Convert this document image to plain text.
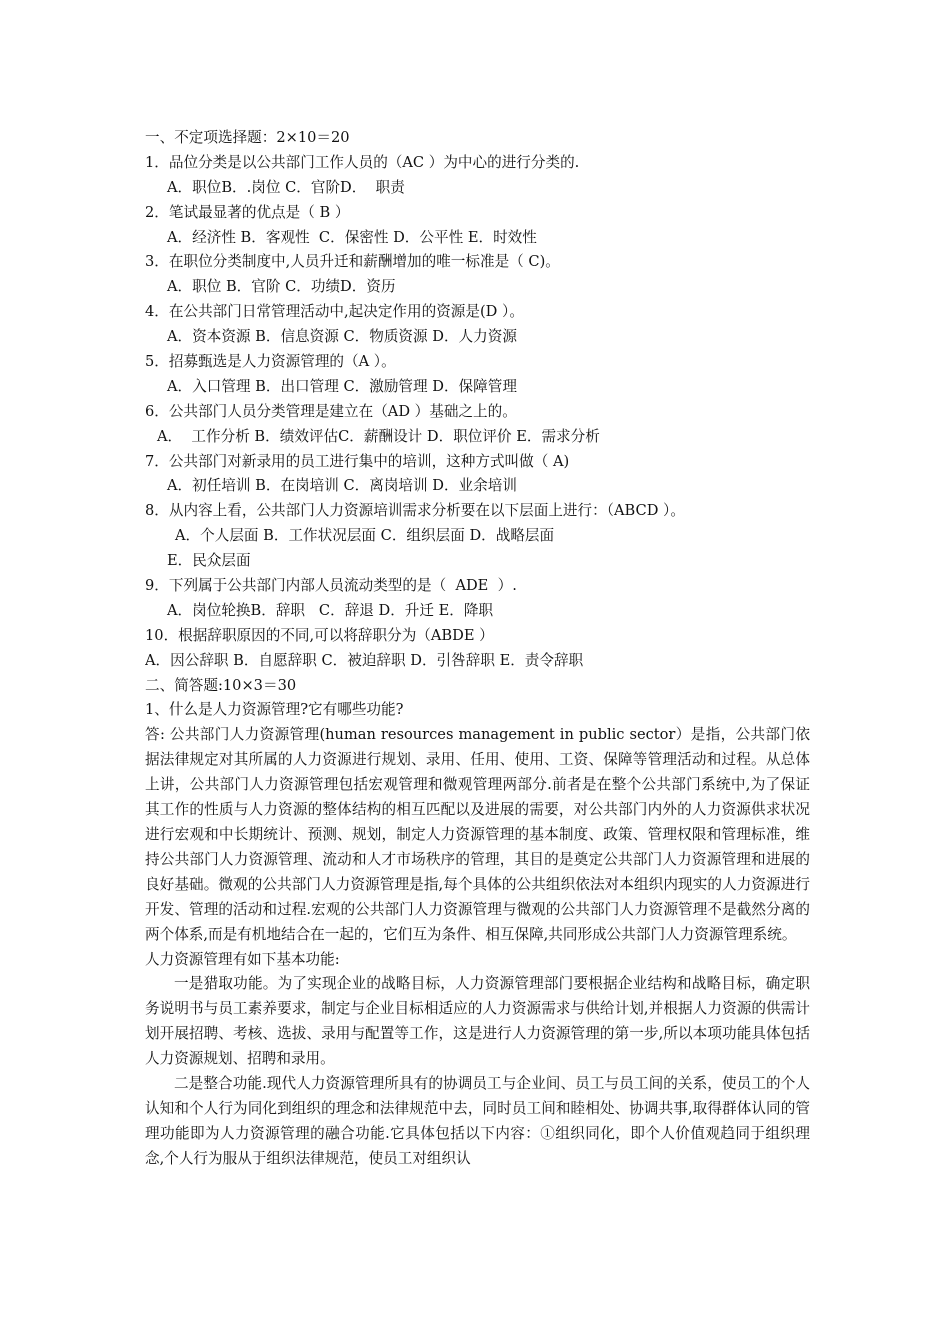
一、不定项选择题：2×10＝20
1．品位分类是以公共部门工作人员的（AC ）为中心的进行分类的.
A．职位B．.岗位 C．官阶D．  职责
2．笔试最显著的优点是（ B ）
A．经济性 B．客观性  C．保密性 D．公平性 E．时效性
3．在职位分类制度中,人员升迁和薪酬增加的唯一标准是（ C)。
A．职位 B．官阶 C．功绩D．资历
4．在公共部门日常管理活动中,起决定作用的资源是(D ）。
A．资本资源 B．信息资源 C．物质资源 D．人力资源
5．招募甄选是人力资源管理的（A ）。
A．入口管理 B．出口管理 C．激励管理 D．保障管理
6．公共部门人员分类管理是建立在（AD ）基础之上的。
A．  工作分析 B．绩效评估C．薪酬设计 D．职位评价 E．需求分析
7．公共部门对新录用的员工进行集中的培训，这种方式叫做（ A)
A．初任培训 B．在岗培训 C．离岗培训 D．业余培训
8．从内容上看，公共部门人力资源培训需求分析要在以下层面上进行：（ABCD ）。
A．个人层面 B．工作状况层面 C．组织层面 D．战略层面
E．民众层面
9．下列属于公共部门内部人员流动类型的是（  ADE  ）.
A．岗位轮换B．辞职   C．辞退 D．升迁 E．降职
10．根据辞职原因的不同,可以将辞职分为（ABDE ）
A．因公辞职 B．自愿辞职 C．被迫辞职 D．引咎辞职 E．责令辞职
二、简答题:10×3＝30
1、什么是人力资源管理?它有哪些功能?

答: 公共部门人力资源管理(human resources management in public sector）是指，公共部门依据法律规定对其所属的人力资源进行规划、录用、任用、使用、工资、保障等管理活动和过程。从总体上讲，公共部门人力资源管理包括宏观管理和微观管理两部分.前者是在整个公共部门系统中,为了保证其工作的性质与人力资源的整体结构的相互匹配以及进展的需要，对公共部门内外的人力资源供求状况进行宏观和中长期统计、预测、规划，制定人力资源管理的基本制度、政策、管理权限和管理标准，维持公共部门人力资源管理、流动和人才市场秩序的管理，其目的是奠定公共部门人力资源管理和进展的良好基础。微观的公共部门人力资源管理是指,每个具体的公共组织依法对本组织内现实的人力资源进行开发、管理的活动和过程.宏观的公共部门人力资源管理与微观的公共部门人力资源管理不是截然分离的两个体系,而是有机地结合在一起的，它们互为条件、相互保障,共同形成公共部门人力资源管理系统。

人力资源管理有如下基本功能:

一是猎取功能。为了实现企业的战略目标，人力资源管理部门要根据企业结构和战略目标，确定职务说明书与员工素养要求，制定与企业目标相适应的人力资源需求与供给计划,并根据人力资源的供需计划开展招聘、考核、选拔、录用与配置等工作，这是进行人力资源管理的第一步,所以本项功能具体包括人力资源规划、招聘和录用。

二是整合功能.现代人力资源管理所具有的协调员工与企业间、员工与员工间的关系，使员工的个人认知和个人行为同化到组织的理念和法律规范中去，同时员工间和睦相处、协调共事,取得群体认同的管理功能即为人力资源管理的融合功能.它具体包括以下内容：①组织同化，即个人价值观趋同于组织理念,个人行为服从于组织法律规范，使员工对组织认
